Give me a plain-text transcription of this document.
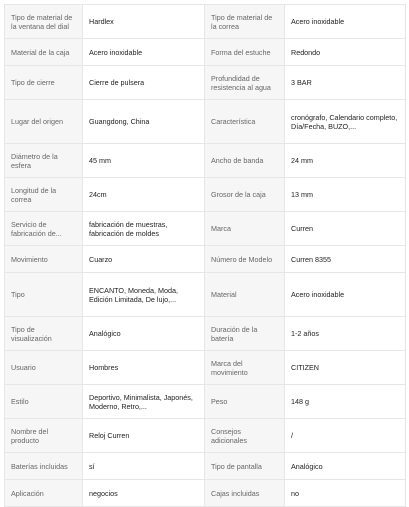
Tipo de material de la ventana del dial	Hardlex	Tipo de material de la correa	Acero inoxidable
Material de la caja	Acero inoxidable	Forma del estuche	Redondo
Tipo de cierre	Cierre de pulsera	Profundidad de resistencia al agua	3 BAR
Lugar del origen	Guangdong, China	Característica	cronógrafo, Calendario completo, Día/Fecha, BUZO,...
Diámetro de la esfera	45 mm	Ancho de banda	24 mm
Longitud de la correa	24cm	Grosor de la caja	13 mm
Servicio de fabricación de...	fabricación de muestras, fabricación de moldes	Marca	Curren
Movimiento	Cuarzo	Número de Modelo	Curren 8355
Tipo	ENCANTO, Moneda, Moda, Edición Limitada, De lujo,...	Material	Acero inoxidable
Tipo de visualización	Analógico	Duración de la batería	1-2 años
Usuario	Hombres	Marca del movimiento	CITIZEN
Estilo	Deportivo, Minimalista, Japonés, Moderno, Retro,...	Peso	148 g
Nombre del producto	Reloj Curren	Consejos adicionales	/
Baterías incluidas	sí	Tipo de pantalla	Analógico
Aplicación	negocios	Cajas incluidas	no
